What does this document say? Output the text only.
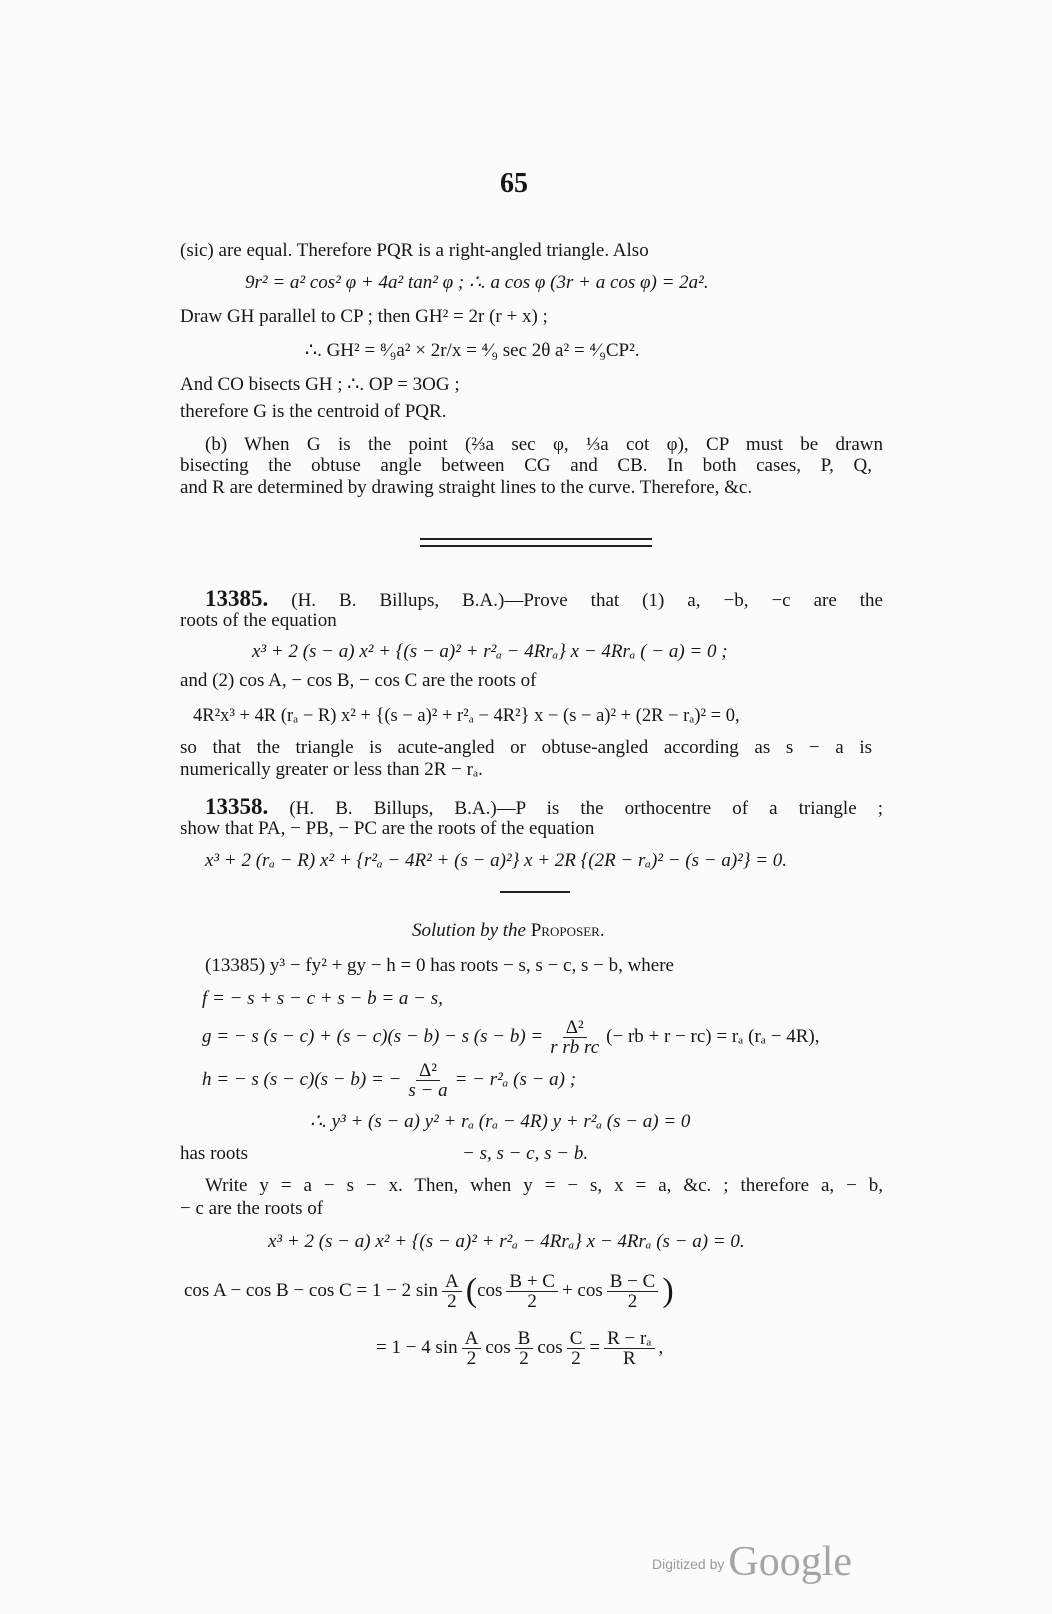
65
(sic) are equal. Therefore PQR is a right-angled triangle. Also
9r² = a² cos² φ + 4a² tan² φ ; ∴. a cos φ (3r + a cos φ) = 2a².
Draw GH parallel to CP ; then GH² = 2r (r + x) ;
∴. GH² = ⁸⁄₉a² × 2r/x = ⁴⁄₉ sec 2θ a² = ⁴⁄₉CP².
And CO bisects GH ; ∴. OP = 3OG ;
therefore G is the centroid of PQR.
(b) When G is the point (⅔a sec φ, ⅓a cot φ), CP must be drawn
bisecting the obtuse angle between CG and CB. In both cases, P, Q,
and R are determined by drawing straight lines to the curve. Therefore, &c.
13385. (H. B. Billups, B.A.)—Prove that (1) a, −b, −c are the
roots of the equation
x³ + 2 (s − a) x² + {(s − a)² + r²ₐ − 4Rrₐ} x − 4Rrₐ ( − a) = 0 ;
and (2) cos A, − cos B, − cos C are the roots of
4R²x³ + 4R (rₐ − R) x² + {(s − a)² + r²ₐ − 4R²} x − (s − a)² + (2R − rₐ)² = 0,
so that the triangle is acute-angled or obtuse-angled according as s − a is
numerically greater or less than 2R − rₐ.
13358. (H. B. Billups, B.A.)—P is the orthocentre of a triangle ;
show that PA, − PB, − PC are the roots of the equation
x³ + 2 (rₐ − R) x² + {r²ₐ − 4R² + (s − a)²} x + 2R {(2R − rₐ)² − (s − a)²} = 0.
Solution by the Proposer.
(13385) y³ − fy² + gy − h = 0 has roots − s, s − c, s − b, where
f = − s + s − c + s − b = a − s,
g = − s (s − c) + (s − c)(s − b) − s $(s - b) = \frac{\text{Δ²}}{\text{r rb rc}}$ (− rb + r − rc) = rₐ (rₐ − 4R),
h = − s (s − c)(s − b) = − $\frac{\text{Δ²}}{s - a}$ = − r²ₐ (s − a) ;
∴. y³ + (s − a) y² + rₐ (rₐ − 4R) y + r²ₐ (s − a) = 0
has roots	− s, s − c, s − b.
Write y = a − s − x. Then, when y = − s, x = a, &c. ; therefore a, − b,
− c are the roots of
x³ + 2 (s − a) x² + {(s − a)² + r²ₐ − 4Rrₐ} x − 4Rrₐ (s − a) = 0.
cos A − cos B − cos C = 1 − 2 $\sin \frac{A}{2}$ ( $\cos \frac{B + C}{2} + \cos \frac{B - C}{2}$ )
= 1 − 4 $\sin \frac{A}{2}$ $\cos \frac{B}{2}$ $\cos \frac{C}{2} = \frac{\text{R − rₐ}}{R}$ ,
Digitized by Google
